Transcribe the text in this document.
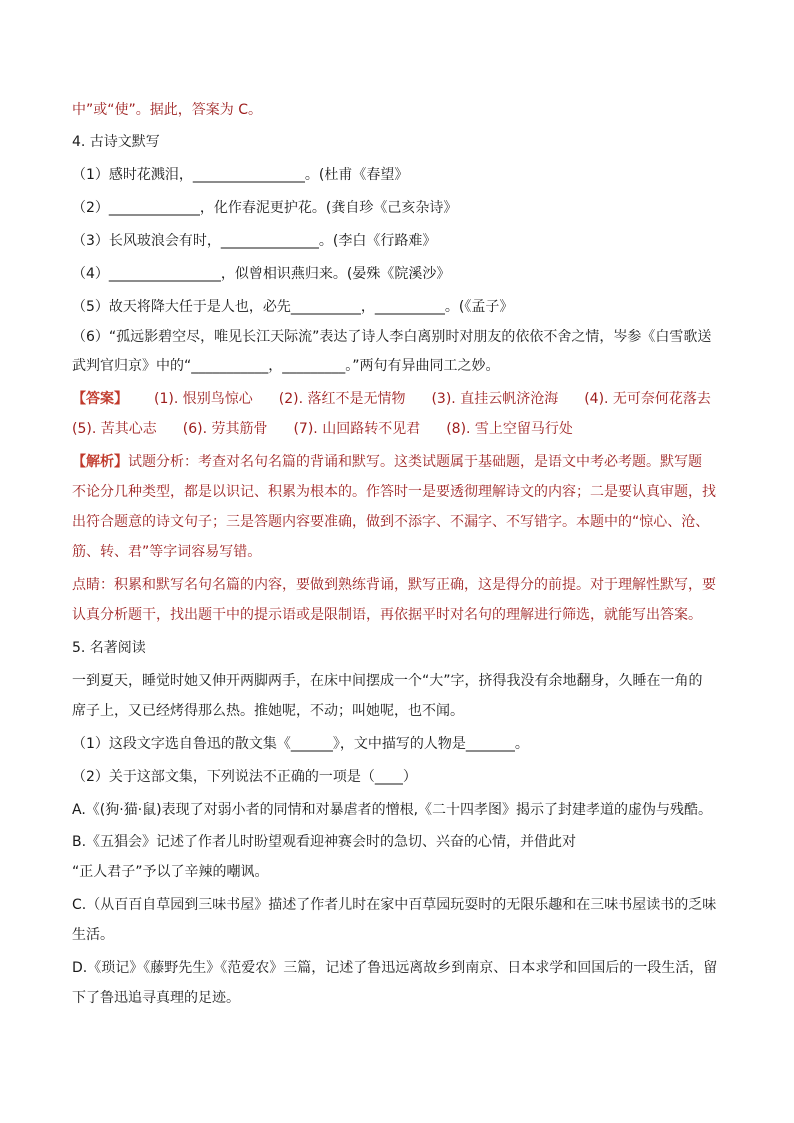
中”或“使”。据此，答案为 C。
4. 古诗文默写
（1）感时花溅泪，________________。(杜甫《春望》
（2）_____________，化作春泥更护花。(龚自珍《己亥杂诗》
（3）长风玻浪会有时，______________。(李白《行路难》
（4）________________，似曾相识燕归来。(晏殊《院溪沙》
（5）故天将降大任于是人也，必先__________，__________。(《孟子》
（6）“孤远影碧空尽，唯见长江天际流”表达了诗人李白离别时对朋友的依依不舍之情，岑参《白雪歌送
武判官归京》中的“___________，_________。”两句有异曲同工之妙。
【答案】 (1). 恨别鸟惊心 (2). 落红不是无情物 (3). 直挂云帆济沧海 (4). 无可奈何花落去
(5). 苦其心志 (6). 劳其筋骨 (7). 山回路转不见君 (8). 雪上空留马行处
【解析】试题分析：考查对名句名篇的背诵和默写。这类试题属于基础题，是语文中考必考题。默写题
不论分几种类型，都是以识记、积累为根本的。作答时一是要透彻理解诗文的内容；二是要认真审题，找
出符合题意的诗文句子；三是答题内容要准确，做到不添字、不漏字、不写错字。本题中的“惊心、沧、
筋、转、君”等字词容易写错。
点睛：积累和默写名句名篇的内容，要做到熟练背诵，默写正确，这是得分的前提。对于理解性默写，要
认真分析题干，找出题干中的提示语或是限制语，再依据平时对名句的理解进行筛选，就能写出答案。
5. 名著阅读
一到夏天，睡觉时她又伸开两脚两手，在床中间摆成一个“大”字，挤得我没有余地翻身，久睡在一角的
席子上，又已经烤得那么热。推她呢，不动；叫她呢，也不闻。
（1）这段文字选自鲁迅的散文集《______》，文中描写的人物是_______。
（2）关于这部文集，下列说法不正确的一项是（____）
A.《(狗·猫·鼠)表现了对弱小者的同情和对暴虐者的憎根,《二十四孝图》揭示了封建孝道的虚伪与残酷。
B.《五猖会》记述了作者儿时盼望观看迎神赛会时的急切、兴奋的心情，并借此对
“正人君子”予以了辛辣的嘲讽。
C.（从百百自草园到三味书屋》描述了作者儿时在家中百草园玩耍时的无限乐趣和在三味书屋读书的乏味
生活。
D.《琐记》《藤野先生》《范爱农》三篇，记述了鲁迅远离故乡到南京、日本求学和回国后的一段生活，留
下了鲁迅追寻真理的足迹。
